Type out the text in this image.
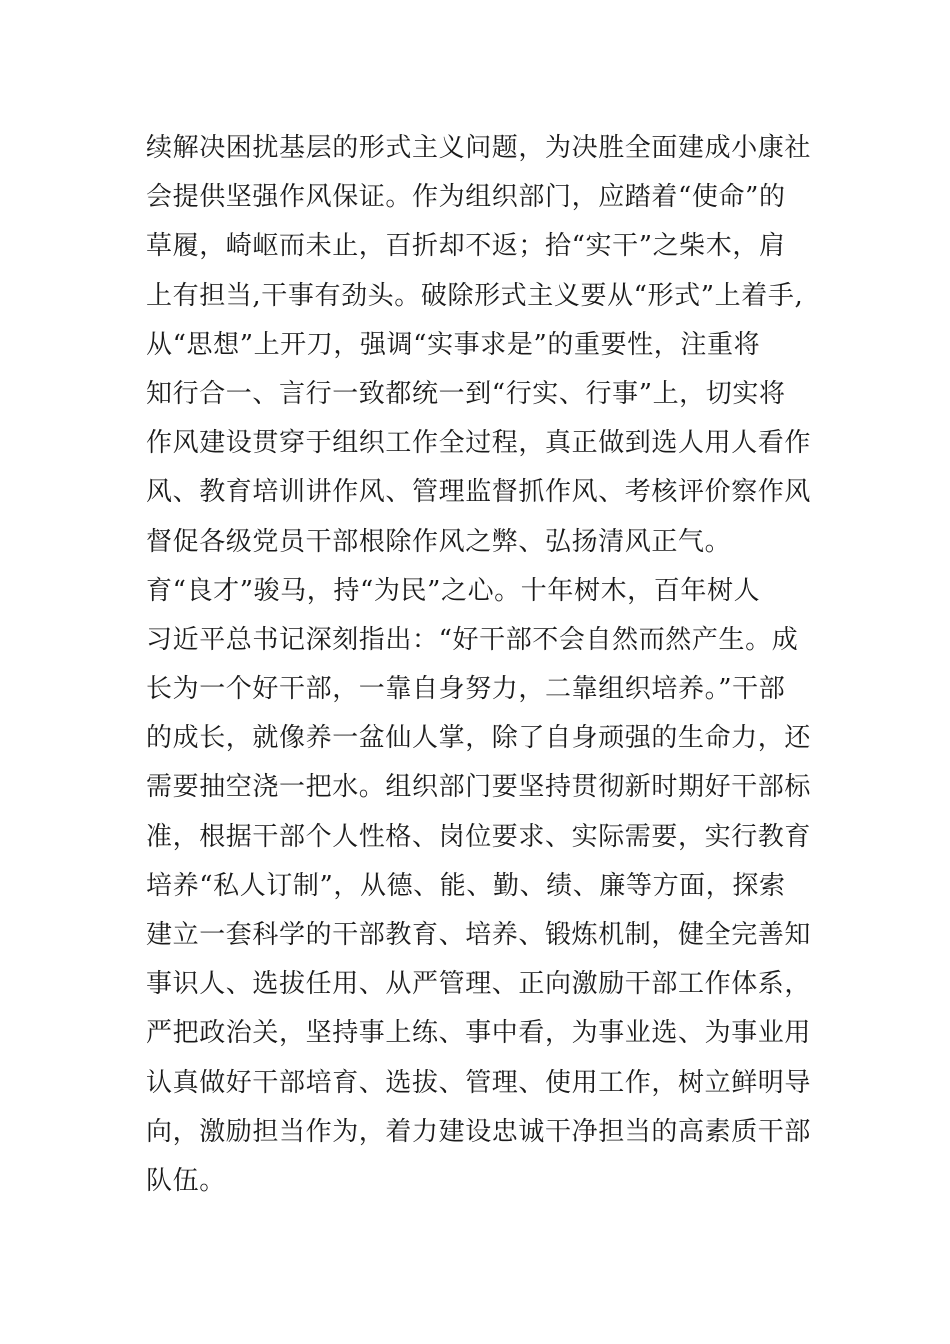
续解决困扰基层的形式主义问题，为决胜全面建成小康社
会提供坚强作风保证。作为组织部门，应踏着“使命”的
草履，崎岖而未止，百折却不返；拾“实干”之柴木，肩
上有担当,干事有劲头。破除形式主义要从“形式”上着手,
从“思想”上开刀，强调“实事求是”的重要性，注重将
知行合一、言行一致都统一到“行实、行事”上，切实将
作风建设贯穿于组织工作全过程，真正做到选人用人看作
风、教育培训讲作风、管理监督抓作风、考核评价察作风
督促各级党员干部根除作风之弊、弘扬清风正气。
育“良才”骏马，持“为民”之心。十年树木，百年树人
习近平总书记深刻指出：“好干部不会自然而然产生。成
长为一个好干部，一靠自身努力，二靠组织培养。”干部
的成长，就像养一盆仙人掌，除了自身顽强的生命力，还
需要抽空浇一把水。组织部门要坚持贯彻新时期好干部标
准，根据干部个人性格、岗位要求、实际需要，实行教育
培养“私人订制”，从德、能、勤、绩、廉等方面，探索
建立一套科学的干部教育、培养、锻炼机制，健全完善知
事识人、选拔任用、从严管理、正向激励干部工作体系，
严把政治关，坚持事上练、事中看，为事业选、为事业用
认真做好干部培育、选拔、管理、使用工作，树立鲜明导
向，激励担当作为，着力建设忠诚干净担当的高素质干部
队伍。
